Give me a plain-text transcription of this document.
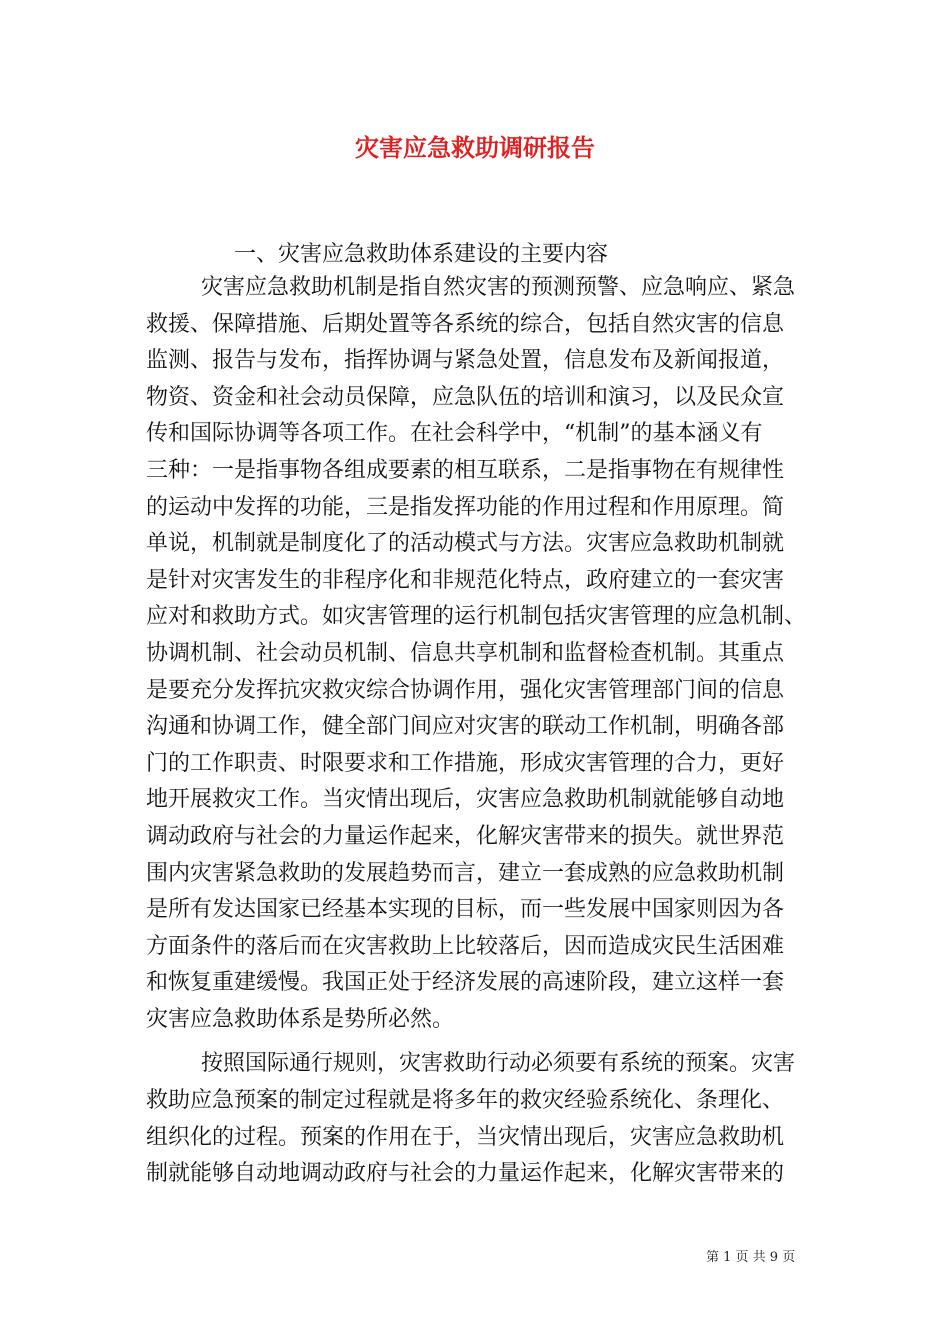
灾害应急救助调研报告
一、灾害应急救助体系建设的主要内容
灾害应急救助机制是指自然灾害的预测预警、应急响应、紧急
救援、保障措施、后期处置等各系统的综合，包括自然灾害的信息
监测、报告与发布，指挥协调与紧急处置，信息发布及新闻报道，
物资、资金和社会动员保障，应急队伍的培训和演习，以及民众宣
传和国际协调等各项工作。在社会科学中，“机制”的基本涵义有
三种：一是指事物各组成要素的相互联系，二是指事物在有规律性
的运动中发挥的功能，三是指发挥功能的作用过程和作用原理。简
单说，机制就是制度化了的活动模式与方法。灾害应急救助机制就
是针对灾害发生的非程序化和非规范化特点，政府建立的一套灾害
应对和救助方式。如灾害管理的运行机制包括灾害管理的应急机制、
协调机制、社会动员机制、信息共享机制和监督检查机制。其重点
是要充分发挥抗灾救灾综合协调作用，强化灾害管理部门间的信息
沟通和协调工作，健全部门间应对灾害的联动工作机制，明确各部
门的工作职责、时限要求和工作措施，形成灾害管理的合力，更好
地开展救灾工作。当灾情出现后，灾害应急救助机制就能够自动地
调动政府与社会的力量运作起来，化解灾害带来的损失。就世界范
围内灾害紧急救助的发展趋势而言，建立一套成熟的应急救助机制
是所有发达国家已经基本实现的目标，而一些发展中国家则因为各
方面条件的落后而在灾害救助上比较落后，因而造成灾民生活困难
和恢复重建缓慢。我国正处于经济发展的高速阶段，建立这样一套
灾害应急救助体系是势所必然。
按照国际通行规则，灾害救助行动必须要有系统的预案。灾害
救助应急预案的制定过程就是将多年的救灾经验系统化、条理化、
组织化的过程。预案的作用在于，当灾情出现后，灾害应急救助机
制就能够自动地调动政府与社会的力量运作起来，化解灾害带来的
第 1 页 共 9 页
